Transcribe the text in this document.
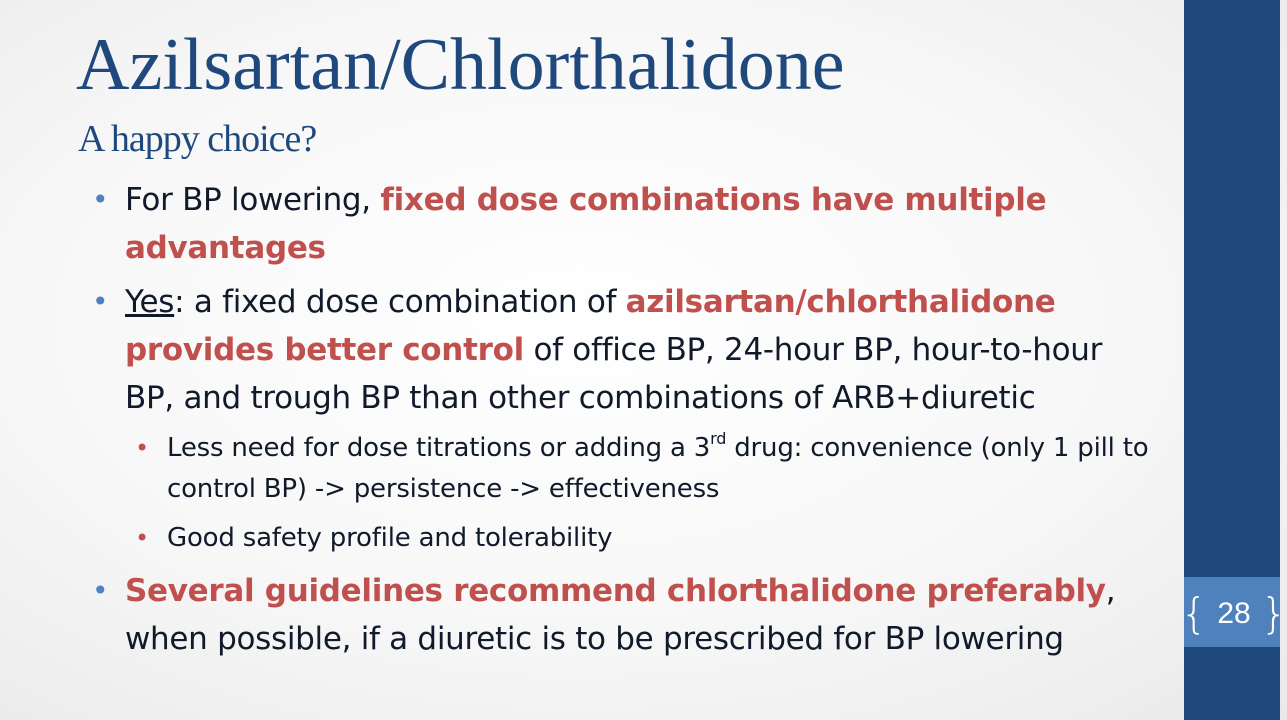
{ 28 }
Azilsartan/Chlorthalidone
A happy choice?
• For BP lowering, fixed dose combinations have multiple advantages
• Yes: a fixed dose combination of azilsartan/chlorthalidone provides better control of office BP, 24-hour BP, hour-to-hour BP, and trough BP than other combinations of ARB+diuretic
• Less need for dose titrations or adding a 3rd drug: convenience (only 1 pill to control BP) -> persistence -> effectiveness
• Good safety profile and tolerability
• Several guidelines recommend chlorthalidone preferably, when possible, if a diuretic is to be prescribed for BP lowering
